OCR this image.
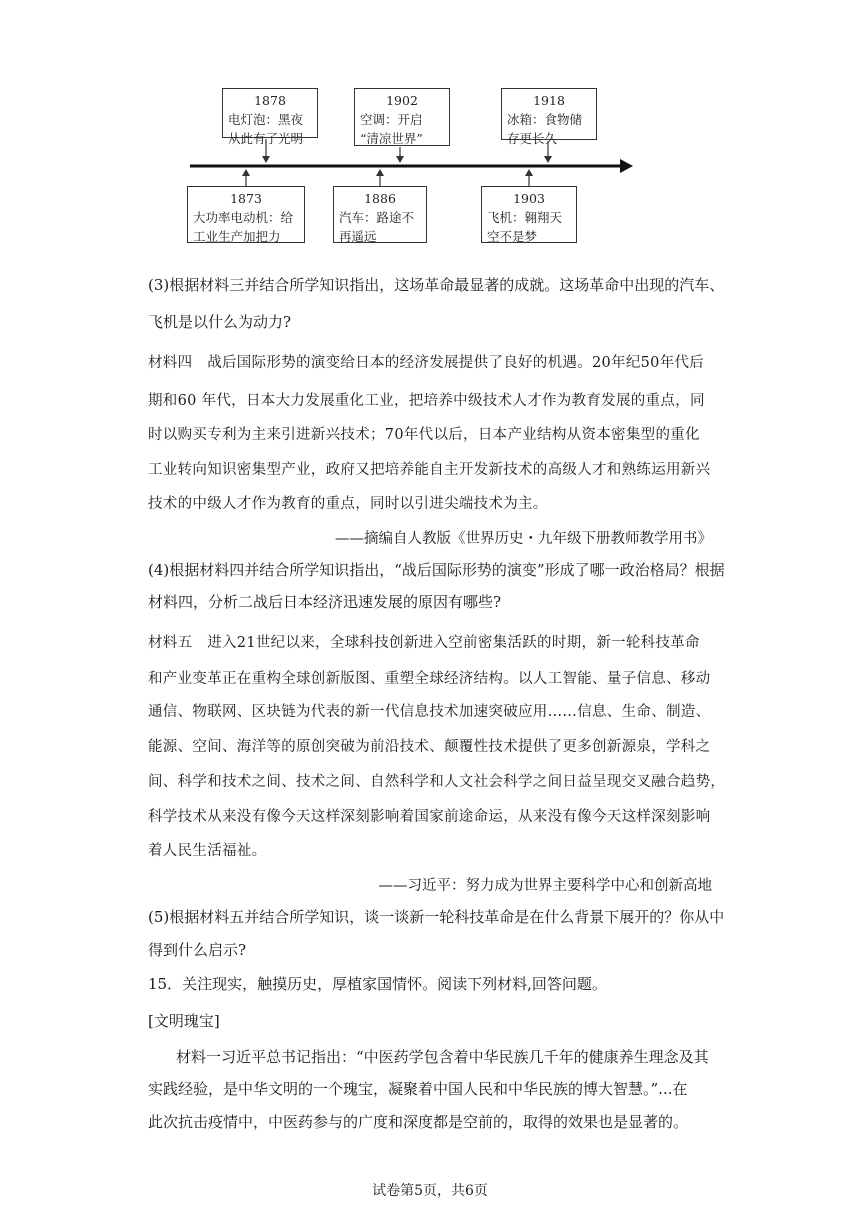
1878
电灯泡：黑夜
从此有了光明
1902
空调：开启
“清凉世界”
1918
冰箱：食物储
存更长久
1873
大功率电动机：给
工业生产加把力
1886
汽车：路途不
再遥远
1903
飞机：翱翔天
空不是梦
(3)根据材料三并结合所学知识指出，这场革命最显著的成就。这场革命中出现的汽车、
飞机是以什么为动力?
材料四　战后国际形势的演变给日本的经济发展提供了良好的机遇。20年纪50年代后
期和60 年代，日本大力发展重化工业，把培养中级技术人才作为教育发展的重点，同
时以购买专利为主来引进新兴技术；70年代以后，日本产业结构从资本密集型的重化
工业转向知识密集型产业，政府又把培养能自主开发新技术的高级人才和熟练运用新兴
技术的中级人才作为教育的重点，同时以引进尖端技术为主。
——摘编自人教版《世界历史・九年级下册教师教学用书》
(4)根据材料四并结合所学知识指出，“战后国际形势的演变”形成了哪一政治格局？根据
材料四，分析二战后日本经济迅速发展的原因有哪些?
材料五　进入21世纪以来，全球科技创新进入空前密集活跃的时期，新一轮科技革命
和产业变革正在重构全球创新版图、重塑全球经济结构。以人工智能、量子信息、移动
通信、物联网、区块链为代表的新一代信息技术加速突破应用……信息、生命、制造、
能源、空间、海洋等的原创突破为前沿技术、颠覆性技术提供了更多创新源泉，学科之
间、科学和技术之间、技术之间、自然科学和人文社会科学之间日益呈现交叉融合趋势，
科学技术从来没有像今天这样深刻影响着国家前途命运，从来没有像今天这样深刻影响
着人民生活福祉。
——习近平：努力成为世界主要科学中心和创新高地
(5)根据材料五并结合所学知识，谈一谈新一轮科技革命是在什么背景下展开的？你从中
得到什么启示?
15．关注现实，触摸历史，厚植家国情怀。阅读下列材料,回答问题。
[文明瑰宝]
材料一习近平总书记指出：“中医药学包含着中华民族几千年的健康养生理念及其
实践经验，是中华文明的一个瑰宝，凝聚着中国人民和中华民族的博大智慧。”...在
此次抗击疫情中，中医药参与的广度和深度都是空前的，取得的效果也是显著的。
试卷第5页，共6页
